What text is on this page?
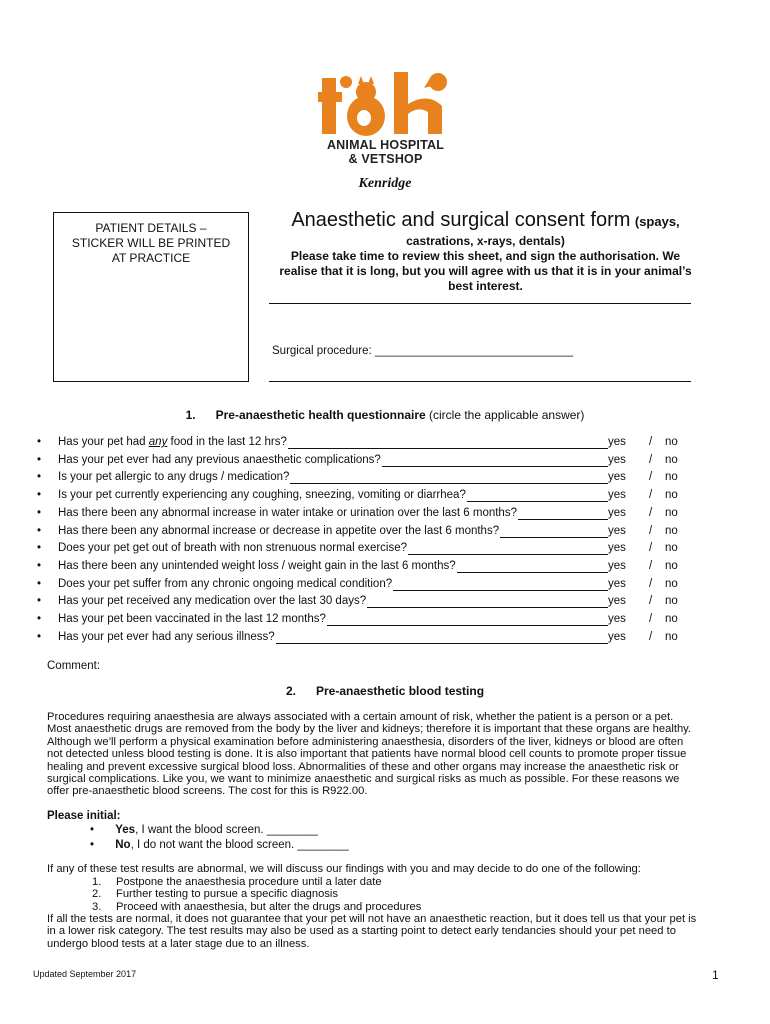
ANIMAL HOSPITAL
& VETSHOP
Kenridge
PATIENT DETAILS –
STICKER WILL BE PRINTED
AT PRACTICE
Anaesthetic and surgical consent form (spays,
castrations, x-rays, dentals)
Please take time to review this sheet, and sign the authorisation. We
realise that it is long, but you will agree with us that it is in your animal’s
best interest.
Surgical procedure: _______________________________
1. Pre-anaesthetic health questionnaire (circle the applicable answer)
• Has your pet had any food in the last 12 hrs?	yes / no
• Has your pet ever had any previous anaesthetic complications?	yes / no
• Is your pet allergic to any drugs / medication?	yes / no
• Is your pet currently experiencing any coughing, sneezing, vomiting or diarrhea?	yes / no
• Has there been any abnormal increase in water intake or urination over the last 6 months?	yes / no
• Has there been any abnormal increase or decrease in appetite over the last 6 months?	yes / no
• Does your pet get out of breath with non strenuous normal exercise?	yes / no
• Has there been any unintended weight loss / weight gain in the last 6 months?	yes / no
• Does your pet suffer from any chronic ongoing medical condition?	yes / no
• Has your pet received any medication over the last 30 days?	yes / no
• Has your pet been vaccinated in the last 12 months?	yes / no
• Has your pet ever had any serious illness?	yes / no
Comment:
2. Pre-anaesthetic blood testing
Procedures requiring anaesthesia are always associated with a certain amount of risk, whether the patient is a person or a pet.
Most anaesthetic drugs are removed from the body by the liver and kidneys; therefore it is important that these organs are healthy.
Although we’ll perform a physical examination before administering anaesthesia, disorders of the liver, kidneys or blood are often
not detected unless blood testing is done. It is also important that patients have normal blood cell counts to promote proper tissue
healing and prevent excessive surgical blood loss. Abnormalities of these and other organs may increase the anaesthetic risk or
surgical complications. Like you, we want to minimize anaesthetic and surgical risks as much as possible. For these reasons we
offer pre-anaesthetic blood screens. The cost for this is R922.00.
Please initial:
• Yes, I want the blood screen. ________
• No, I do not want the blood screen. ________
If any of these test results are abnormal, we will discuss our findings with you and may decide to do one of the following:
1. Postpone the anaesthesia procedure until a later date
2. Further testing to pursue a specific diagnosis
3. Proceed with anaesthesia, but alter the drugs and procedures
If all the tests are normal, it does not guarantee that your pet will not have an anaesthetic reaction, but it does tell us that your pet is
in a lower risk category. The test results may also be used as a starting point to detect early tendancies should your pet need to
undergo blood tests at a later stage due to an illness.
Updated September 2017	1
